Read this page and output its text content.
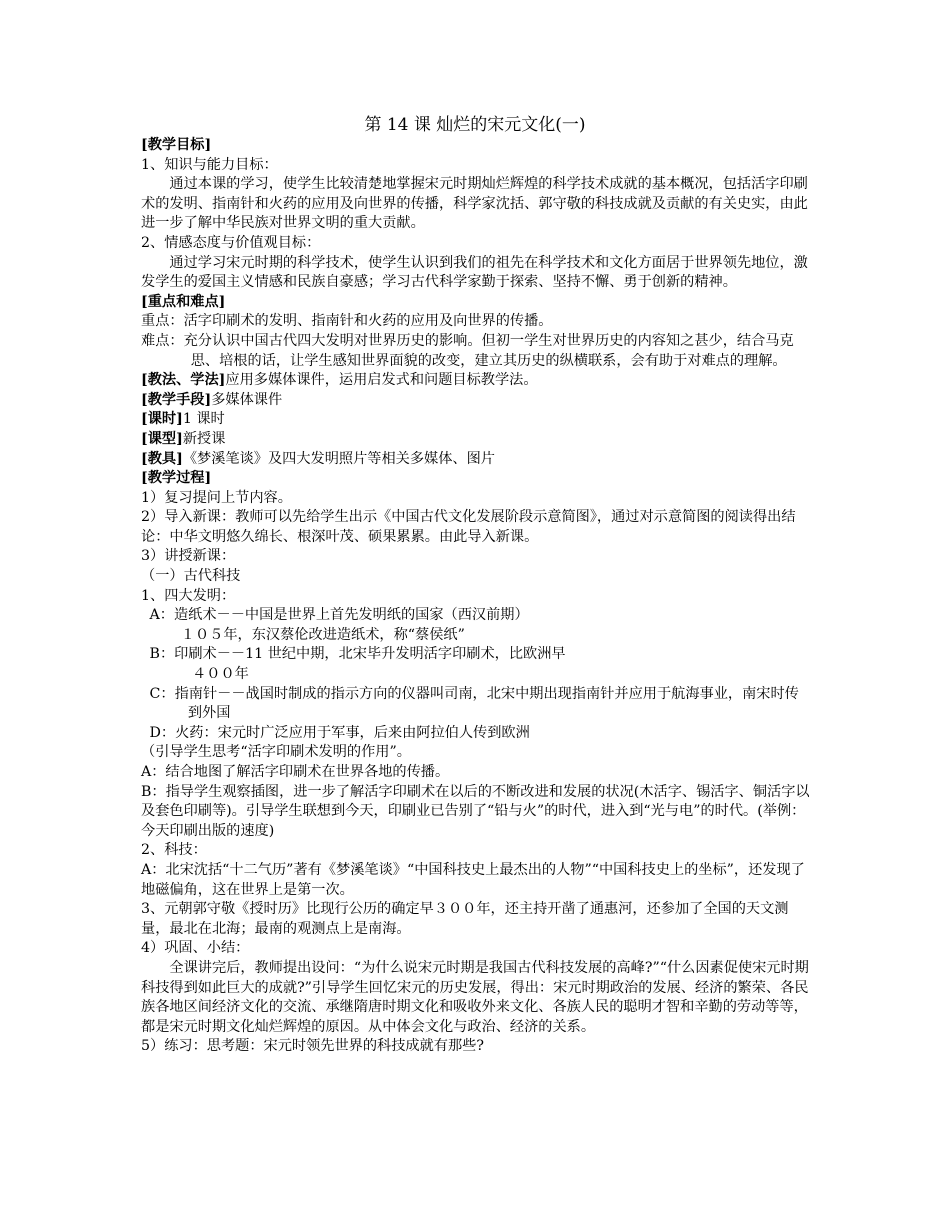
第 14 课 灿烂的宋元文化(一)

[教学目标]

1、知识与能力目标：

通过本课的学习，使学生比较清楚地掌握宋元时期灿烂辉煌的科学技术成就的基本概况，包括活字印刷术的发明、指南针和火药的应用及向世界的传播，科学家沈括、郭守敬的科技成就及贡献的有关史实，由此进一步了解中华民族对世界文明的重大贡献。

2、情感态度与价值观目标：

通过学习宋元时期的科学技术，使学生认识到我们的祖先在科学技术和文化方面居于世界领先地位，激发学生的爱国主义情感和民族自豪感；学习古代科学家勤于探索、坚持不懈、勇于创新的精神。

[重点和难点]

重点：活字印刷术的发明、指南针和火药的应用及向世界的传播。

难点：充分认识中国古代四大发明对世界历史的影响。但初一学生对世界历史的内容知之甚少，结合马克思、培根的话，让学生感知世界面貌的改变，建立其历史的纵横联系，会有助于对难点的理解。

[教法、学法]应用多媒体课件，运用启发式和问题目标教学法。

[教学手段]多媒体课件

[课时]1 课时

[课型]新授课

[教具]《梦溪笔谈》及四大发明照片等相关多媒体、图片

[教学过程]

1）复习提问上节内容。

2）导入新课：教师可以先给学生出示《中国古代文化发展阶段示意简图》，通过对示意简图的阅读得出结论：中华文明悠久绵长、根深叶茂、硕果累累。由此导入新课。

3）讲授新课：

（一）古代科技

1、四大发明：

A：造纸术－－中国是世界上首先发明纸的国家（西汉前期）

１０５年，东汉蔡伦改进造纸术，称“蔡侯纸”

B：印刷术－－11 世纪中期，北宋毕升发明活字印刷术，比欧洲早

４００年

C：指南针－－战国时制成的指示方向的仪器叫司南，北宋中期出现指南针并应用于航海事业，南宋时传到外国

D：火药：宋元时广泛应用于军事，后来由阿拉伯人传到欧洲

（引导学生思考“活字印刷术发明的作用”。

A：结合地图了解活字印刷术在世界各地的传播。

B：指导学生观察插图，进一步了解活字印刷术在以后的不断改进和发展的状况(木活字、锡活字、铜活字以及套色印刷等)。引导学生联想到今天，印刷业已告别了“铅与火”的时代，进入到“光与电”的时代。(举例：今天印刷出版的速度)

2、科技：

A：北宋沈括“十二气历”著有《梦溪笔谈》“中国科技史上最杰出的人物”“中国科技史上的坐标”，还发现了地磁偏角，这在世界上是第一次。

3、元朝郭守敬《授时历》比现行公历的确定早３００年，还主持开凿了通惠河，还参加了全国的天文测量，最北在北海；最南的观测点上是南海。

4）巩固、小结：

全课讲完后，教师提出设问：“为什么说宋元时期是我国古代科技发展的高峰?”“什么因素促使宋元时期科技得到如此巨大的成就?”引导学生回忆宋元的历史发展，得出：宋元时期政治的发展、经济的繁荣、各民族各地区间经济文化的交流、承继隋唐时期文化和吸收外来文化、各族人民的聪明才智和辛勤的劳动等等，都是宋元时期文化灿烂辉煌的原因。从中体会文化与政治、经济的关系。

5）练习：思考题：宋元时领先世界的科技成就有那些?
